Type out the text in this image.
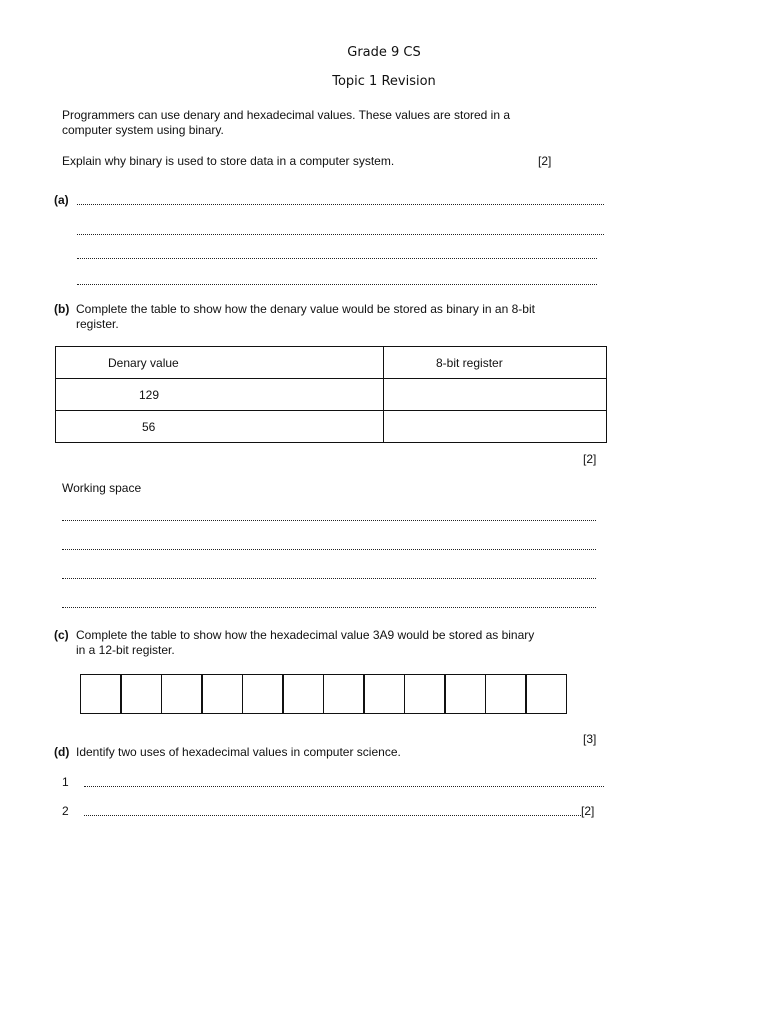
Grade 9 CS
Topic 1 Revision
Programmers can use denary and hexadecimal values. These values are stored in a
computer system using binary.
Explain why binary is used to store data in a computer system.	[2]
(a)
(b) Complete the table to show how the denary value would be stored as binary in an 8-bit
register.
Denary value	8-bit register
129	
56	
[2]
Working space
(c) Complete the table to show how the hexadecimal value 3A9 would be stored as binary
in a 12-bit register.
[3]
(d) Identify two uses of hexadecimal values in computer science.
1
2	[2]
